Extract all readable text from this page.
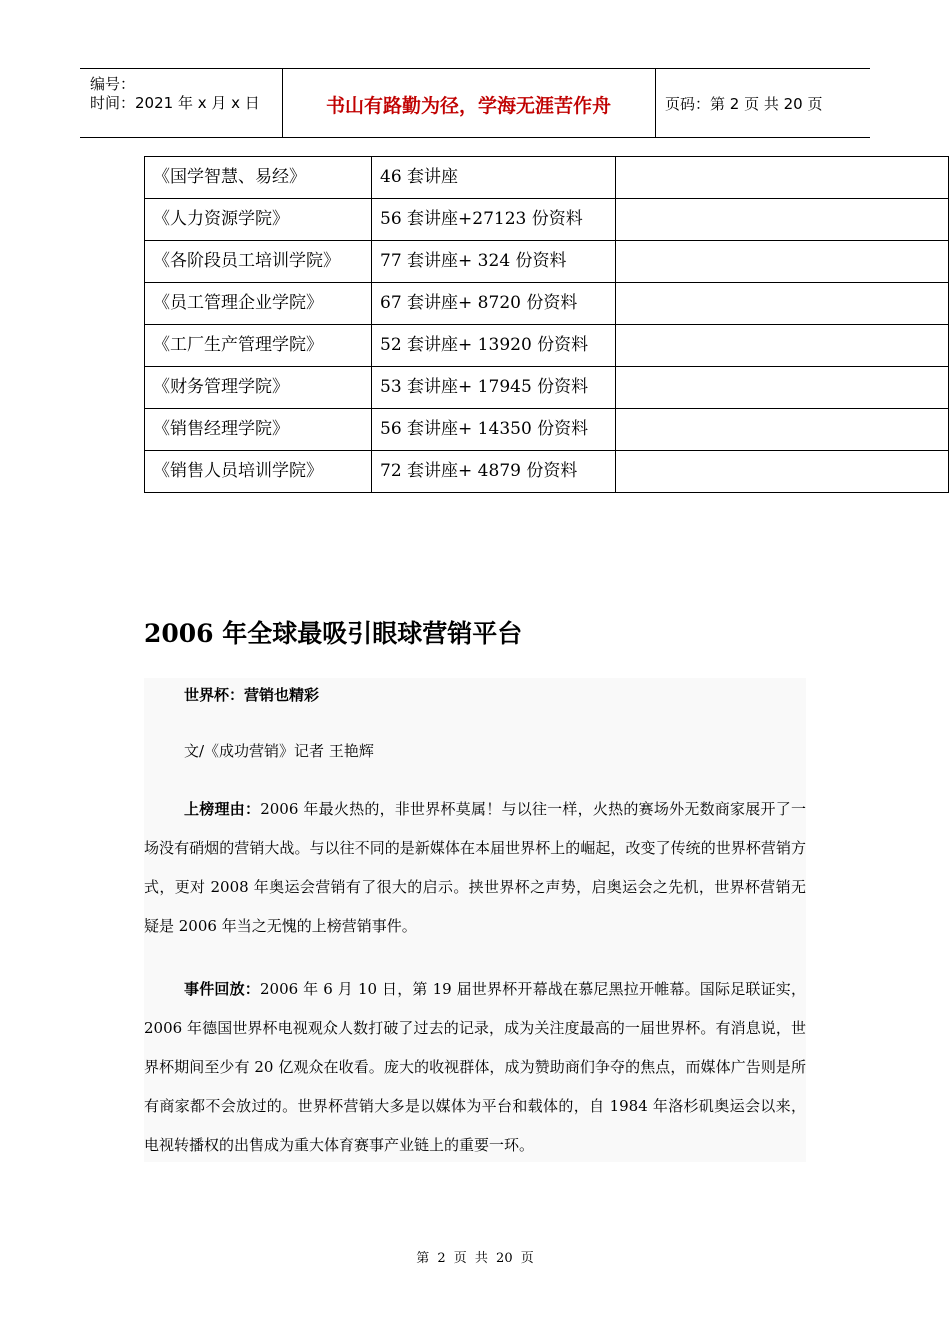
编号：
时间：2021 年 x 月 x 日	书山有路勤为径，学海无涯苦作舟	页码：第 2 页 共 20 页
《国学智慧、易经》	46 套讲座	
《人力资源学院》	56 套讲座+27123 份资料	
《各阶段员工培训学院》	77 套讲座+ 324 份资料	
《员工管理企业学院》	67 套讲座+ 8720 份资料	
《工厂生产管理学院》	52 套讲座+ 13920 份资料	
《财务管理学院》	53 套讲座+ 17945 份资料	
《销售经理学院》	56 套讲座+ 14350 份资料	
《销售人员培训学院》	72 套讲座+ 4879 份资料	
2006 年全球最吸引眼球营销平台
世界杯：营销也精彩
文/《成功营销》记者 王艳辉
上榜理由：2006 年最火热的，非世界杯莫属！与以往一样，火热的赛场外无数商家展开了一场没有硝烟的营销大战。与以往不同的是新媒体在本届世界杯上的崛起，改变了传统的世界杯营销方式，更对 2008 年奥运会营销有了很大的启示。挟世界杯之声势，启奥运会之先机，世界杯营销无疑是 2006 年当之无愧的上榜营销事件。
事件回放：2006 年 6 月 10 日，第 19 届世界杯开幕战在慕尼黑拉开帷幕。国际足联证实，2006 年德国世界杯电视观众人数打破了过去的记录，成为关注度最高的一届世界杯。有消息说，世界杯期间至少有 20 亿观众在收看。庞大的收视群体，成为赞助商们争夺的焦点，而媒体广告则是所有商家都不会放过的。世界杯营销大多是以媒体为平台和载体的，自 1984 年洛杉矶奥运会以来，电视转播权的出售成为重大体育赛事产业链上的重要一环。
第 2 页 共 20 页
